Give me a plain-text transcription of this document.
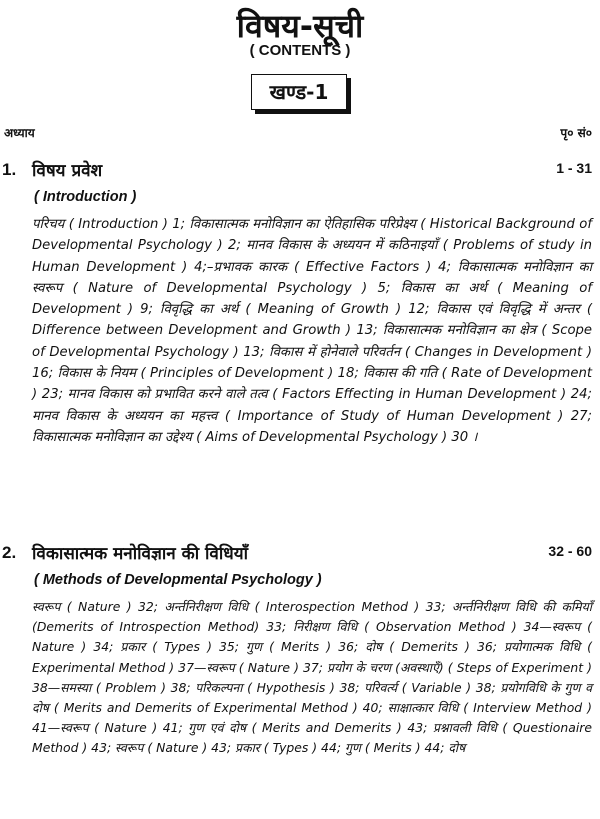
विषय-सूची
( CONTENTS )
खण्ड-1
अध्याय	पृ० सं०
1. विषय प्रवेश	1 - 31
( Introduction )
परिचय ( Introduction ) 1; विकासात्मक मनोविज्ञान का ऐतिहासिक परिप्रेक्ष्य ( Historical Background of Developmental Psychology ) 2; मानव विकास के अध्ययन में कठिनाइयाँ ( Problems of study in Human Development ) 4;–प्रभावक कारक ( Effective Factors ) 4; विकासात्मक मनोविज्ञान का स्वरूप ( Nature of Developmental Psychology ) 5; विकास का अर्थ ( Meaning of Development ) 9; विवृद्धि का अर्थ ( Meaning of Growth ) 12; विकास एवं विवृद्धि में अन्तर ( Difference between Development and Growth ) 13; विकासात्मक मनोविज्ञान का क्षेत्र ( Scope of Developmental Psychology ) 13; विकास में होनेवाले परिवर्तन ( Changes in Development ) 16; विकास के नियम ( Principles of Development ) 18; विकास की गति ( Rate of Development ) 23; मानव विकास को प्रभावित करने वाले तत्व ( Factors Effecting in Human Development ) 24; मानव विकास के अध्ययन का महत्त्व ( Importance of Study of Human Development ) 27; विकासात्मक मनोविज्ञान का उद्देश्य ( Aims of Developmental Psychology ) 30 ।
2. विकासात्मक मनोविज्ञान की विधियाँ	32 - 60
( Methods of Developmental Psychology )
स्वरूप ( Nature ) 32; अर्न्तनिरीक्षण विधि ( Interospection Method ) 33; अर्न्तनिरीक्षण विधि की कमियाँ (Demerits of Introspection Method) 33; निरीक्षण विधि ( Observation Method ) 34—स्वरूप ( Nature ) 34; प्रकार ( Types ) 35; गुण ( Merits ) 36; दोष ( Demerits ) 36; प्रयोगात्मक विधि ( Experimental Method ) 37—स्वरूप ( Nature ) 37; प्रयोग के चरण (अवस्थाएँ) ( Steps of Experiment ) 38—समस्या ( Problem ) 38; परिकल्पना ( Hypothesis ) 38; परिवर्त्य ( Variable ) 38; प्रयोगविधि के गुण व दोष ( Merits and Demerits of Experimental Method ) 40; साक्षात्कार विधि ( Interview Method ) 41—स्वरूप ( Nature ) 41; गुण एवं दोष ( Merits and Demerits ) 43; प्रश्नावली विधि ( Questionaire Method ) 43; स्वरूप ( Nature ) 43; प्रकार ( Types ) 44; गुण ( Merits ) 44; दोष
